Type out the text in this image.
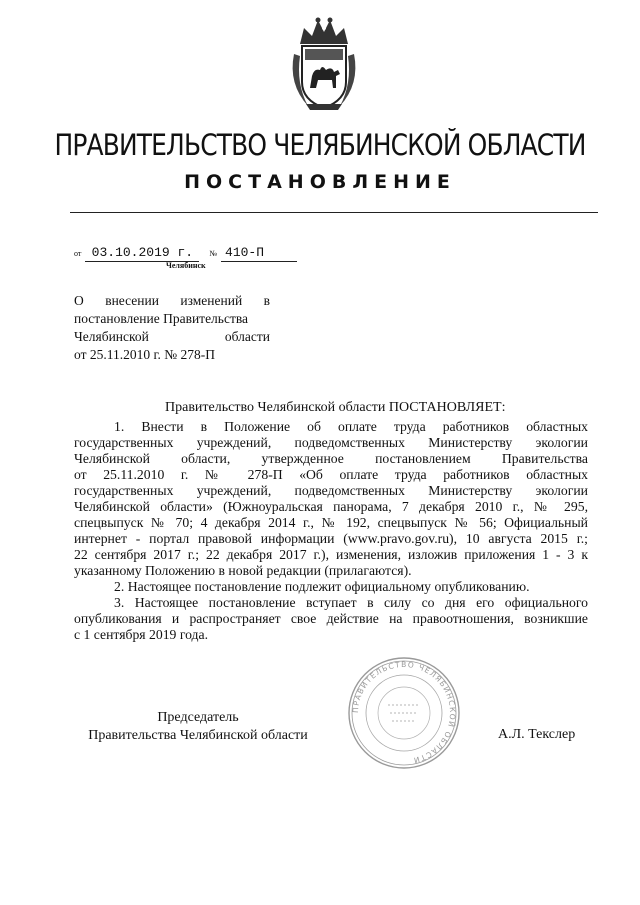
ПРАВИТЕЛЬСТВО ЧЕЛЯБИНСКОЙ ОБЛАСТИ
ПОСТАНОВЛЕНИЕ
от 03.10.2019 г. № 410-П
Челябинск
О внесении изменений в
постановление Правительства
Челябинской области
от 25.11.2010 г. № 278-П
Правительство Челябинской области ПОСТАНОВЛЯЕТ:
1. Внести в Положение об оплате труда работников областных
государственных учреждений, подведомственных Министерству экологии
Челябинской области, утвержденное постановлением Правительства
от 25.11.2010 г. № 278-П «Об оплате труда работников областных
государственных учреждений, подведомственных Министерству экологии
Челябинской области» (Южноуральская панорама, 7 декабря 2010 г., № 295,
спецвыпуск № 70; 4 декабря 2014 г., № 192, спецвыпуск № 56; Официальный
интернет - портал правовой информации (www.pravo.gov.ru), 10 августа 2015 г.;
22 сентября 2017 г.; 22 декабря 2017 г.), изменения, изложив приложения 1 - 3 к
указанному Положению в новой редакции (прилагаются).
2. Настоящее постановление подлежит официальному опубликованию.
3. Настоящее постановление вступает в силу со дня его официального
опубликования и распространяет свое действие на правоотношения, возникшие
с 1 сентября 2019 года.
Председатель
Правительства Челябинской области
ПРАВИТЕЛЬСТВО ЧЕЛЯБИНСКОЙ ОБЛАСТИ
А.Л. Текслер
